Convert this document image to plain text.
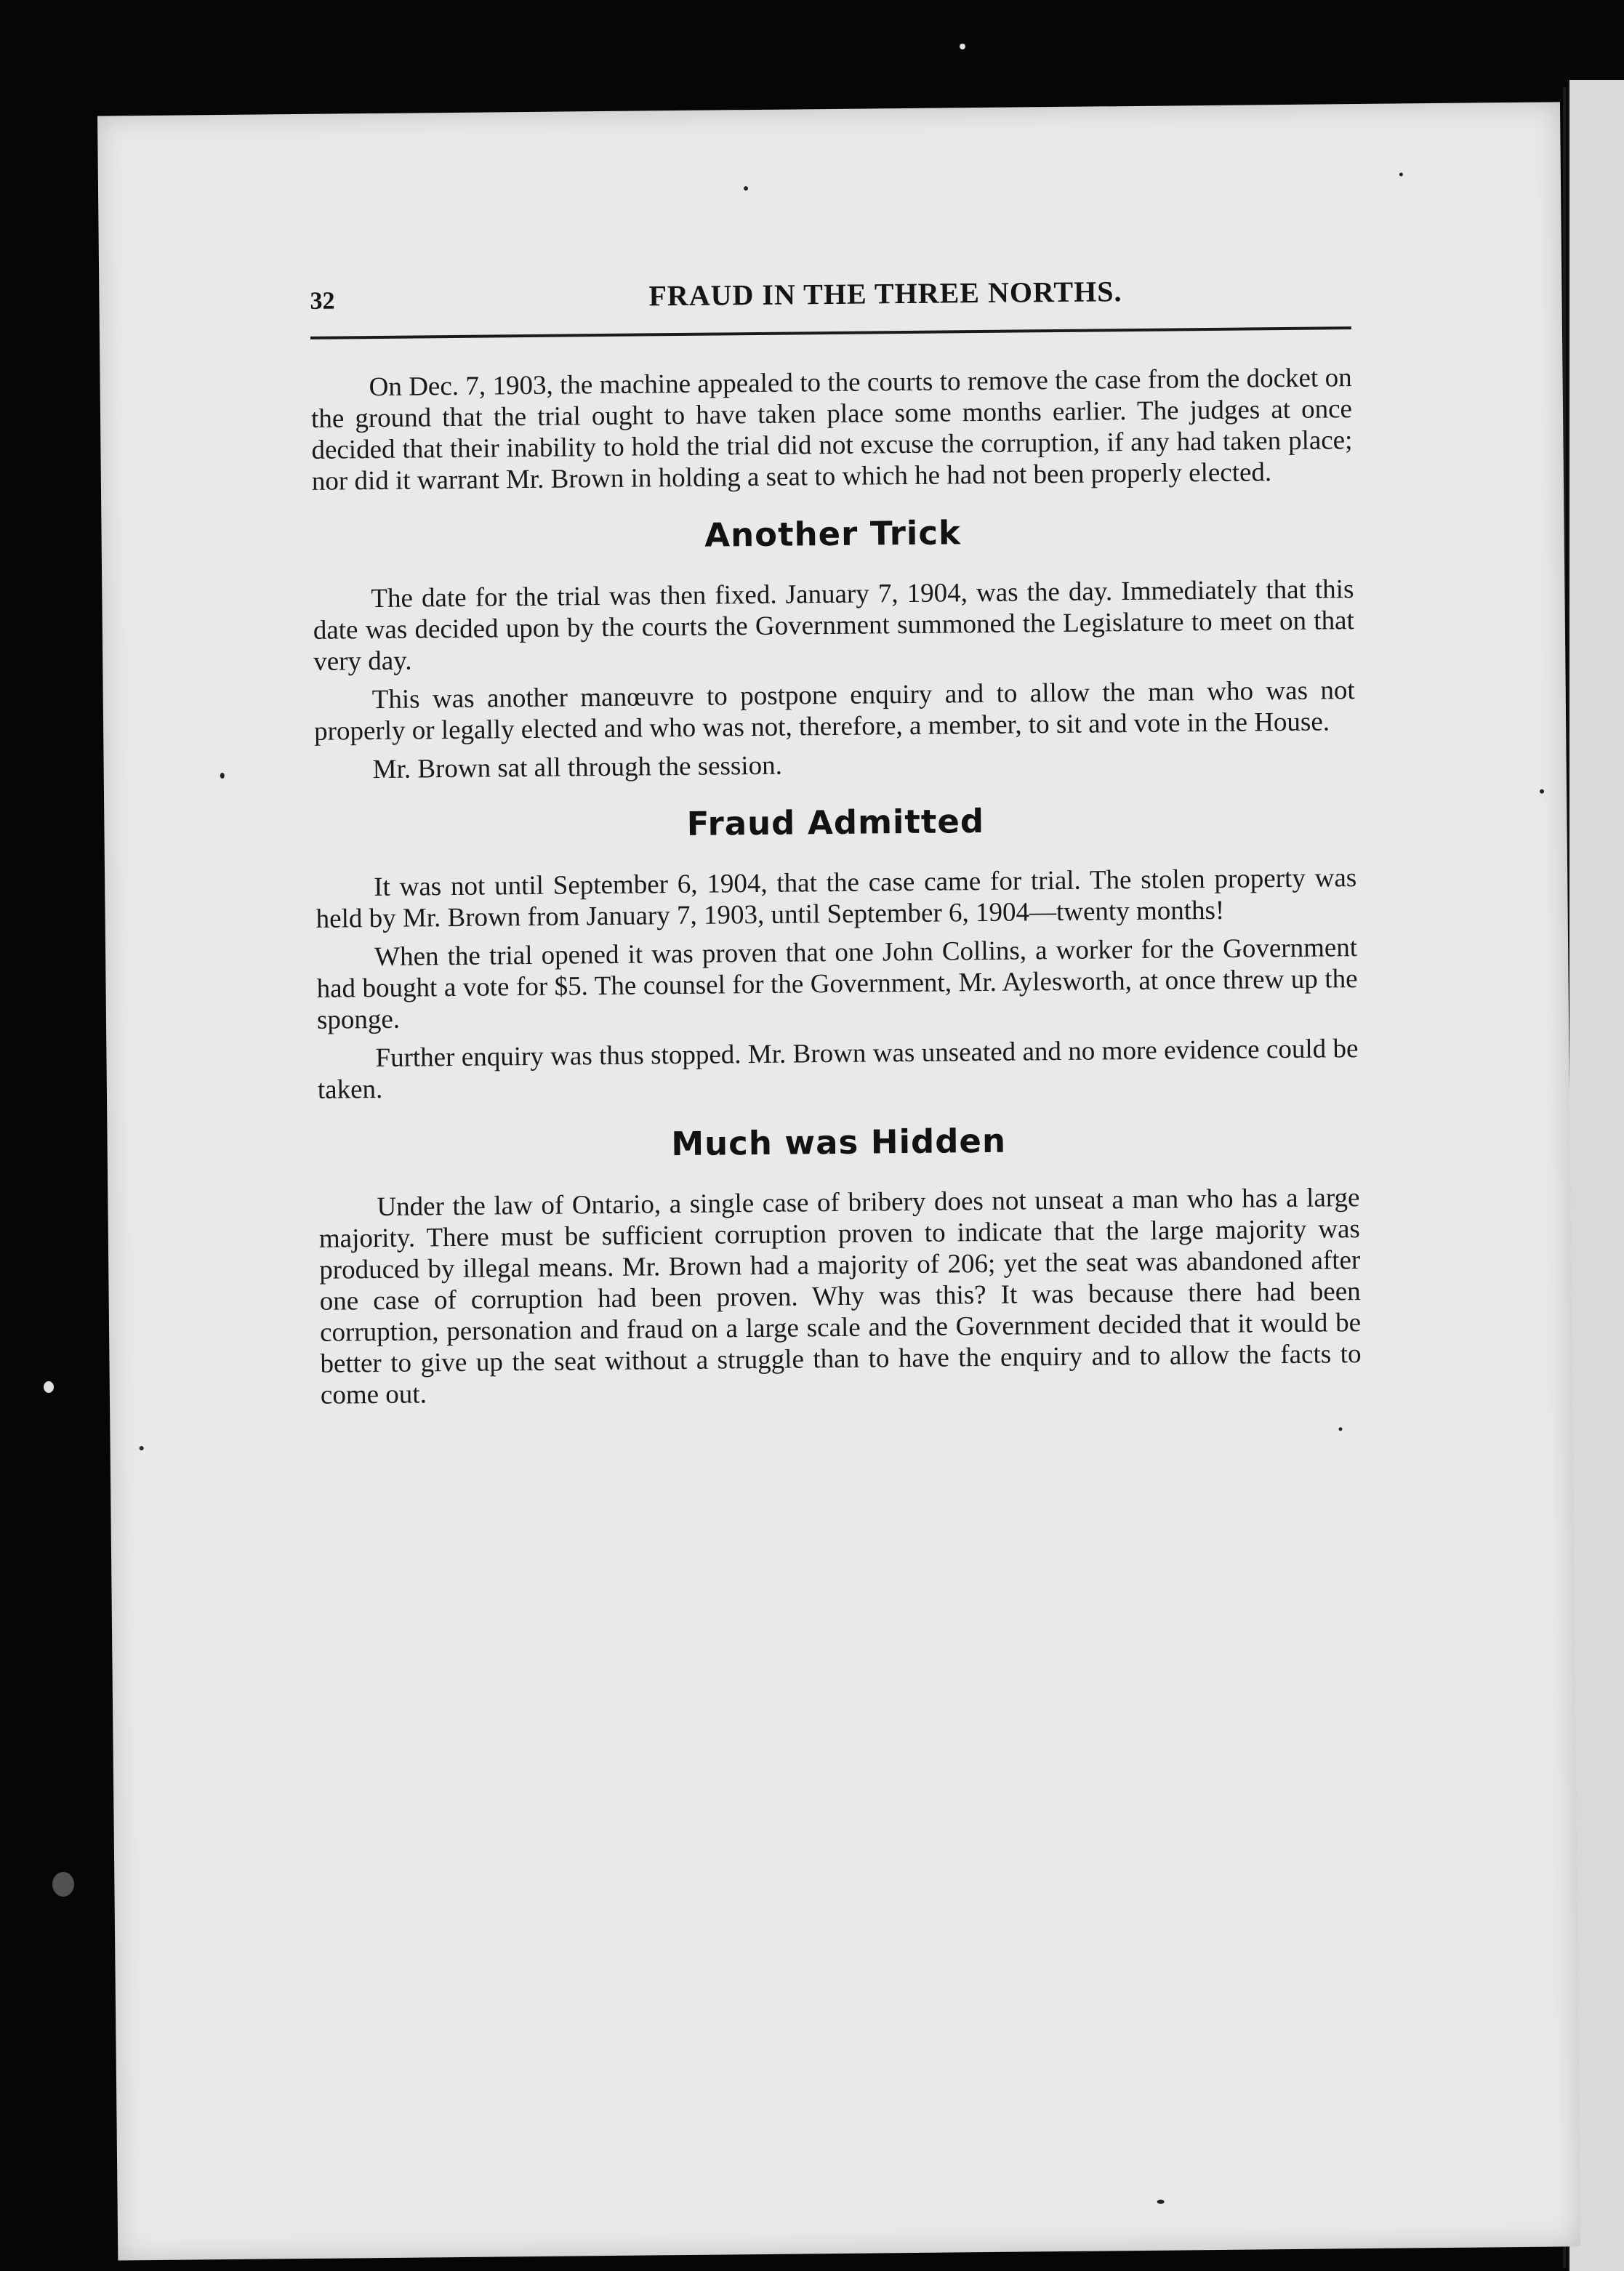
32	FRAUD IN THE THREE NORTHS.

On Dec. 7, 1903, the machine appealed to the courts to remove the case from the docket on the ground that the trial ought to have taken place some months earlier. The judges at once decided that their inability to hold the trial did not excuse the corruption, if any had taken place; nor did it warrant Mr. Brown in holding a seat to which he had not been properly elected.

Another Trick

The date for the trial was then fixed. January 7, 1904, was the day. Immediately that this date was decided upon by the courts the Government summoned the Legislature to meet on that very day.

This was another manœuvre to postpone enquiry and to allow the man who was not properly or legally elected and who was not, therefore, a member, to sit and vote in the House.

Mr. Brown sat all through the session.

Fraud Admitted

It was not until September 6, 1904, that the case came for trial. The stolen property was held by Mr. Brown from January 7, 1903, until September 6, 1904—twenty months!

When the trial opened it was proven that one John Collins, a worker for the Government had bought a vote for $5. The counsel for the Government, Mr. Aylesworth, at once threw up the sponge.

Further enquiry was thus stopped. Mr. Brown was unseated and no more evidence could be taken.

Much was Hidden

Under the law of Ontario, a single case of bribery does not unseat a man who has a large majority. There must be sufficient corruption proven to indicate that the large majority was produced by illegal means. Mr. Brown had a majority of 206; yet the seat was abandoned after one case of corruption had been proven. Why was this? It was because there had been corruption, personation and fraud on a large scale and the Government decided that it would be better to give up the seat without a struggle than to have the enquiry and to allow the facts to come out.
